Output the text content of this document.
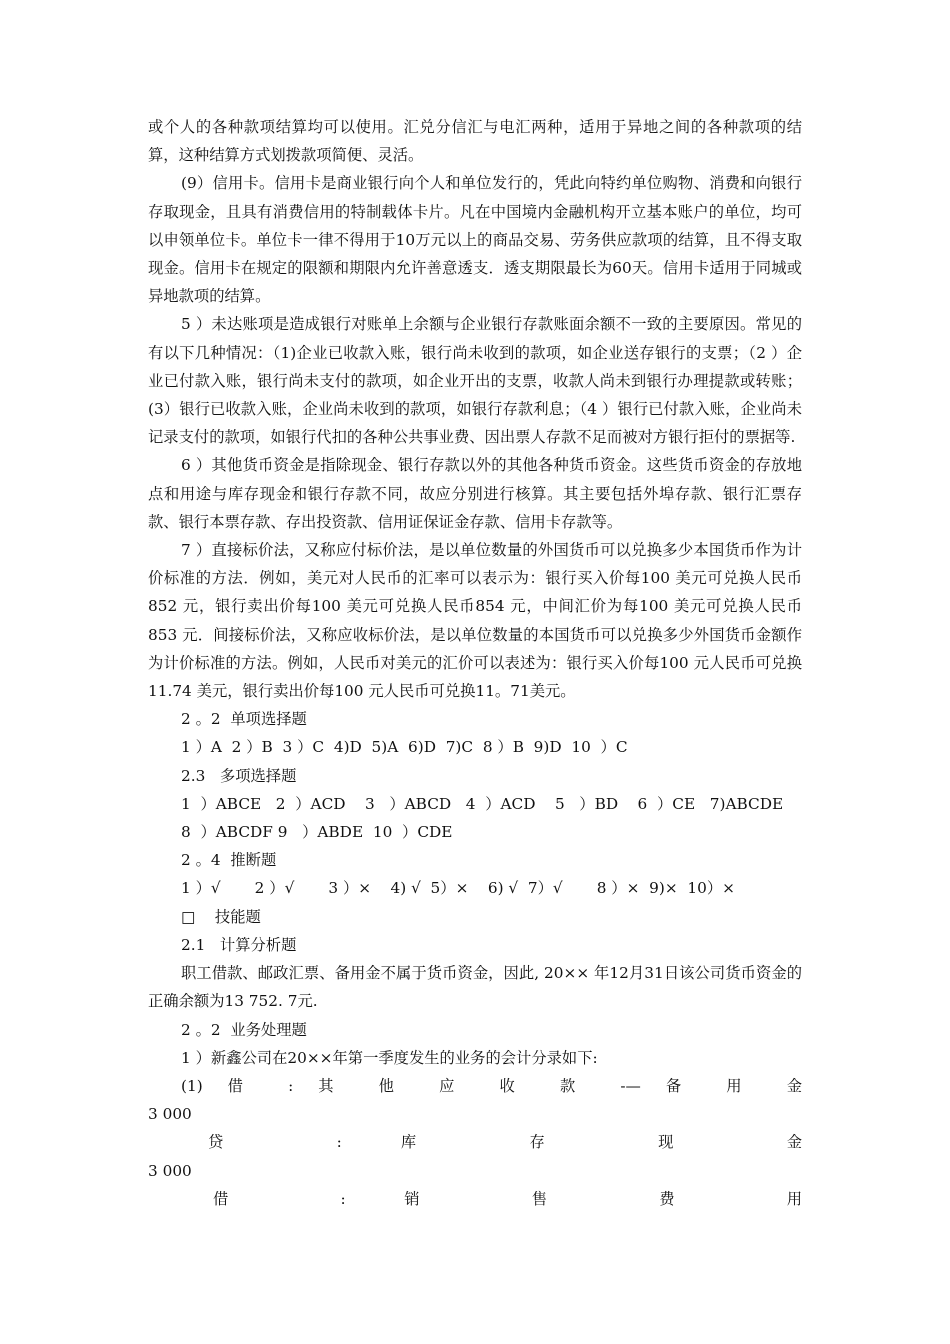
或个人的各种款项结算均可以使用。汇兑分信汇与电汇两种，适用于异地之间的各种款项的结算，这种结算方式划拨款项简便、灵活。

(9）信用卡。信用卡是商业银行向个人和单位发行的，凭此向特约单位购物、消费和向银行存取现金，且具有消费信用的特制载体卡片。凡在中国境内金融机构开立基本账户的单位，均可以申领单位卡。单位卡一律不得用于10万元以上的商品交易、劳务供应款项的结算，且不得支取现金。信用卡在规定的限额和期限内允许善意透支．透支期限最长为60天。信用卡适用于同城或异地款项的结算。

5 ）未达账项是造成银行对账单上余额与企业银行存款账面余额不一致的主要原因。常见的有以下几种情况：（1)企业已收款入账，银行尚未收到的款项，如企业送存银行的支票；（2 ）企业已付款入账，银行尚未支付的款项，如企业开出的支票，收款人尚未到银行办理提款或转账；(3）银行已收款入账，企业尚未收到的款项，如银行存款利息；（4 ）银行已付款入账，企业尚未记录支付的款项，如银行代扣的各种公共事业费、因出票人存款不足而被对方银行拒付的票据等.

6 ）其他货币资金是指除现金、银行存款以外的其他各种货币资金。这些货币资金的存放地点和用途与库存现金和银行存款不同，故应分别进行核算。其主要包括外埠存款、银行汇票存款、银行本票存款、存出投资款、信用证保证金存款、信用卡存款等。

7 ）直接标价法，又称应付标价法，是以单位数量的外国货币可以兑换多少本国货币作为计价标准的方法．例如，美元对人民币的汇率可以表示为：银行买入价每100 美元可兑换人民币852 元，银行卖出价每100 美元可兑换人民币854 元，中间汇价为每100 美元可兑换人民币853 元．间接标价法，又称应收标价法，是以单位数量的本国货币可以兑换多少外国货币金额作为计价标准的方法。例如，人民币对美元的汇价可以表述为：银行买入价每100 元人民币可兑换11.74 美元，银行卖出价每100 元人民币可兑换11。71美元。

2 。2  单项选择题

1 ）A  2 ）B  3 ）C  4)D  5)A  6)D  7)C  8 ）B  9)D  10  ）C

2.3   多项选择题

1  ）ABCE   2  ）ACD    3   ）ABCD   4  ）ACD    5   ）BD    6  ）CE   7)ABCDE

8  ）ABCDF 9   ）ABDE  10  ）CDE

2 。4  推断题

1 ）√       2 ）√       3 ）×    4) √  5）×    6) √  7）√       8 ）×  9)×  10）×

□    技能题

2.1   计算分析题

职工借款、邮政汇票、备用金不属于货币资金，因此, 20×× 年12月31日该公司货币资金的正确余额为13 752. 7元.

2 。2  业务处理题

1 ）新鑫公司在20××年第一季度发生的业务的会计分录如下:

(1) 借 : 其 他 应 收 款 -— 备 用 金

3 000

贷 : 库 存 现 金

3 000

借 : 销 售 费 用
